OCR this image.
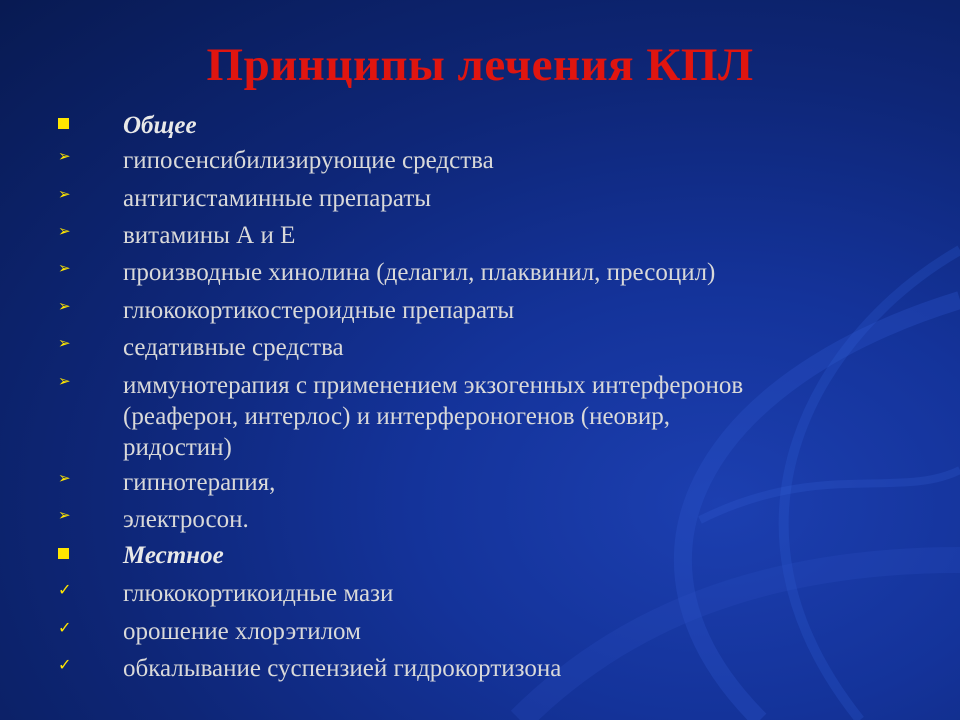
Принципы лечения КПЛ
Общее
➢ гипосенсибилизирующие средства
➢ антигистаминные препараты
➢ витамины А и Е
➢ производные хинолина (делагил, плаквинил, пресоцил)
➢ глюкокортикостероидные препараты
➢ седативные средства
➢ иммунотерапия с применением экзогенных интерферонов
(реаферон, интерлос) и интерфероногенов (неовир,
ридостин)
➢ гипнотерапия,
➢ электросон.
Местное
✓ глюкокортикоидные мази
✓ орошение хлорэтилом
✓ обкалывание суспензией гидрокортизона
